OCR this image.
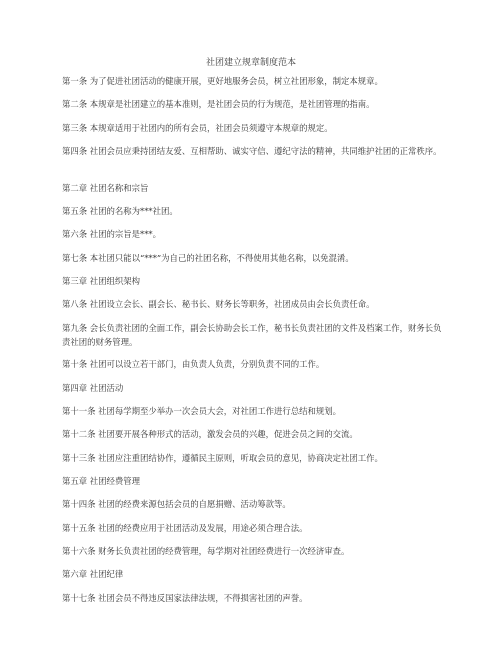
社团建立规章制度范本
第一条 为了促进社团活动的健康开展，更好地服务会员，树立社团形象，制定本规章。
第二条 本规章是社团建立的基本准则，是社团会员的行为规范，是社团管理的指南。
第三条 本规章适用于社团内的所有会员，社团会员须遵守本规章的规定。
第四条 社团会员应秉持团结友爱、互相帮助、诚实守信、遵纪守法的精神，共同维护社团的正常秩序。
第二章 社团名称和宗旨
第五条 社团的名称为***社团。
第六条 社团的宗旨是***。
第七条 本社团只能以“***”为自己的社团名称，不得使用其他名称，以免混淆。
第三章 社团组织架构
第八条 社团设立会长、副会长、秘书长、财务长等职务，社团成员由会长负责任命。
第九条 会长负责社团的全面工作，副会长协助会长工作，秘书长负责社团的文件及档案工作，财务长负责社团的财务管理。
第十条 社团可以设立若干部门，由负责人负责，分别负责不同的工作。
第四章 社团活动
第十一条 社团每学期至少举办一次会员大会，对社团工作进行总结和规划。
第十二条 社团要开展各种形式的活动，激发会员的兴趣，促进会员之间的交流。
第十三条 社团应注重团结协作，遵循民主原则，听取会员的意见，协商决定社团工作。
第五章 社团经费管理
第十四条 社团的经费来源包括会员的自愿捐赠、活动筹款等。
第十五条 社团的经费应用于社团活动及发展，用途必须合理合法。
第十六条 财务长负责社团的经费管理，每学期对社团经费进行一次经济审查。
第六章 社团纪律
第十七条 社团会员不得违反国家法律法规，不得损害社团的声誉。
